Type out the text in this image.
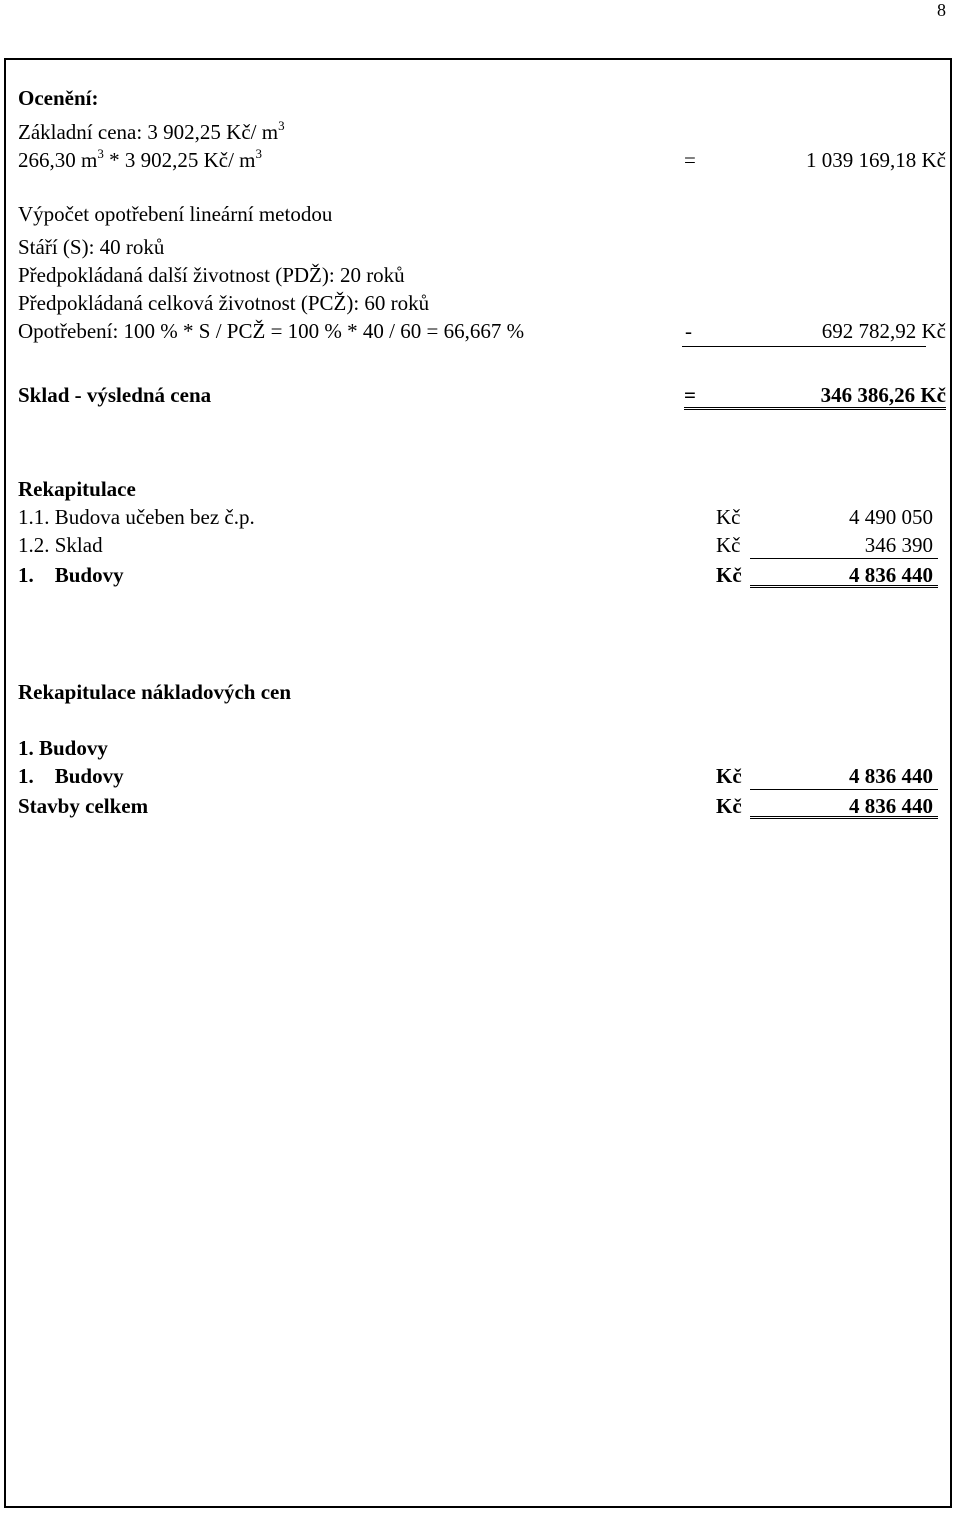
8
Ocenění:
Základní cena: 3 902,25 Kč/ $m^3$
266,30 $m^3 * 3$ 902,25 Kč/ $m^3$	=	1 039 169,18 Kč
Výpočet opotřebení lineární metodou
Stáří (S): 40 roků
Předpokládaná další životnost (PDŽ): 20 roků
Předpokládaná celková životnost (PCŽ): 60 roků
Opotřebení: 100 % * S / PCŽ = 100 % * 40 / 60 = 66,667 %	-	692 782,92 Kč
Sklad - výsledná cena	=	346 386,26 Kč
Rekapitulace
1.1. Budova učeben bez č.p.	Kč	4 490 050
1.2. Sklad	Kč	346 390
1. Budovy	Kč	4 836 440
Rekapitulace nákladových cen
1. Budovy
1. Budovy	Kč	4 836 440
Stavby celkem	Kč	4 836 440
